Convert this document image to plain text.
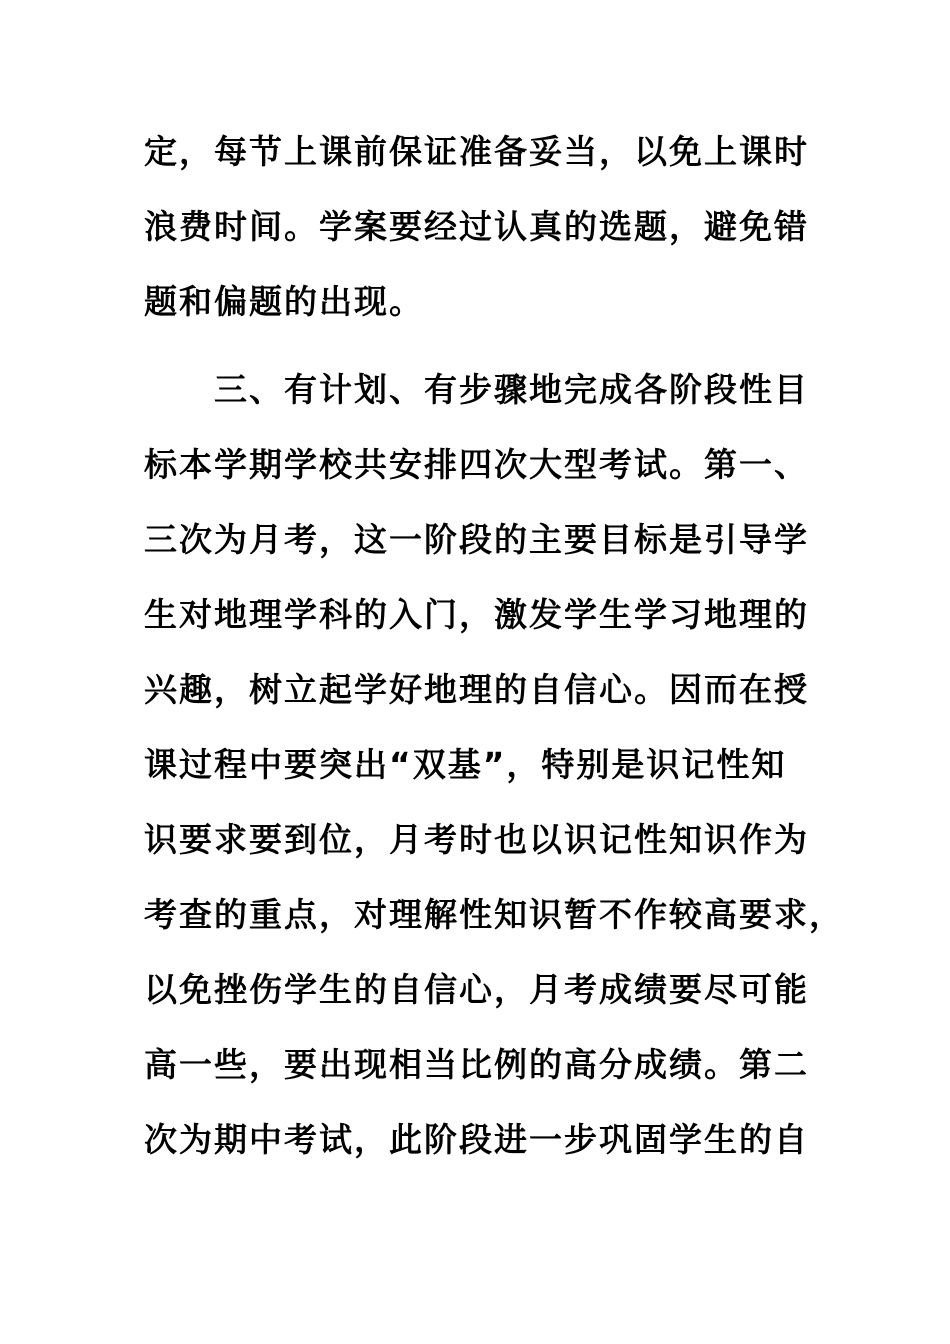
定，每节上课前保证准备妥当，以免上课时
浪费时间。学案要经过认真的选题，避免错
题和偏题的出现。
三、有计划、有步骤地完成各阶段性目
标本学期学校共安排四次大型考试。第一、
三次为月考，这一阶段的主要目标是引导学
生对地理学科的入门，激发学生学习地理的
兴趣，树立起学好地理的自信心。因而在授
课过程中要突出“双基”，特别是识记性知
识要求要到位，月考时也以识记性知识作为
考查的重点，对理解性知识暂不作较高要求，
以免挫伤学生的自信心，月考成绩要尽可能
高一些，要出现相当比例的高分成绩。第二
次为期中考试，此阶段进一步巩固学生的自
